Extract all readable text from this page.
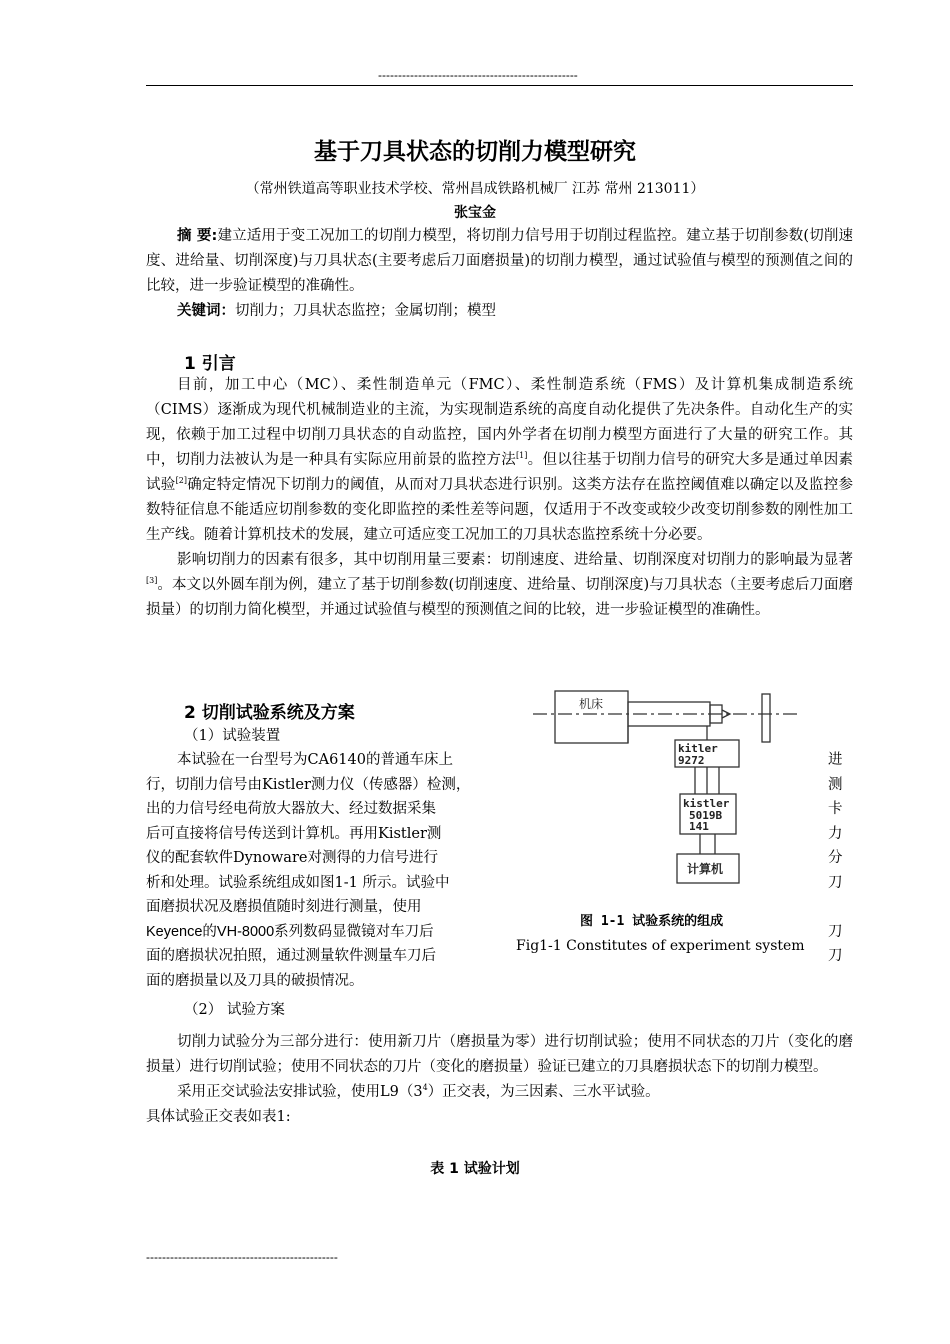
--------------------------------------------------
基于刀具状态的切削力模型研究
（常州铁道高等职业技术学校、常州昌成铁路机械厂 江苏 常州 213011）
张宝金

摘 要:建立适用于变工况加工的切削力模型，将切削力信号用于切削过程监控。建立基于切削参数(切削速度、进给量、切削深度)与刀具状态(主要考虑后刀面磨损量)的切削力模型，通过试验值与模型的预测值之间的比较，进一步验证模型的准确性。

关键词：切削力；刀具状态监控；金属切削；模型

1 引言

目前，加工中心（MC）、柔性制造单元（FMC）、柔性制造系统（FMS）及计算机集成制造系统（CIMS）逐渐成为现代机械制造业的主流，为实现制造系统的高度自动化提供了先决条件。自动化生产的实现，依赖于加工过程中切削刀具状态的自动监控，国内外学者在切削力模型方面进行了大量的研究工作。其中，切削力法被认为是一种具有实际应用前景的监控方法[1]。但以往基于切削力信号的研究大多是通过单因素试验[2]确定特定情况下切削力的阈值，从而对刀具状态进行识别。这类方法存在监控阈值难以确定以及监控参数特征信息不能适应切削参数的变化即监控的柔性差等问题，仅适用于不改变或较少改变切削参数的刚性加工生产线。随着计算机技术的发展，建立可适应变工况加工的刀具状态监控系统十分必要。

影响切削力的因素有很多，其中切削用量三要素：切削速度、进给量、切削深度对切削力的影响最为显著[3]。本文以外圆车削为例，建立了基于切削参数(切削速度、进给量、切削深度)与刀具状态（主要考虑后刀面磨损量）的切削力简化模型，并通过试验值与模型的预测值之间的比较，进一步验证模型的准确性。

2 切削试验系统及方案
（1）试验装置

本试验在一台型号为CA6140的普通车床上

行，切削力信号由Kistler测力仪（传感器）检测，

出的力信号经电荷放大器放大、经过数据采集

后可直接将信号传送到计算机。再用Kistler测

仪的配套软件Dynoware对测得的力信号进行

析和处理。试验系统组成如图1-1 所示。试验中

面磨损状况及磨损值随时刻进行测量，使用

Keyence的VH-8000系列数码显微镜对车刀后

面的磨损状况拍照，通过测量软件测量车刀后

面的磨损量以及刀具的破损情况。

进
测
卡
力
分
刀
刀
刀
机床
kitler
9272
kistler
5019B
141
计算机
图 1-1 试验系统的组成
Fig1-1 Constitutes of experiment system
（2） 试验方案

切削力试验分为三部分进行：使用新刀片（磨损量为零）进行切削试验；使用不同状态的刀片（变化的磨损量）进行切削试验；使用不同状态的刀片（变化的磨损量）验证已建立的刀具磨损状态下的切削力模型。

采用正交试验法安排试验，使用$L9(3^4)$正交表，为三因素、三水平试验。

具体试验正交表如表1:

表 1 试验计划
------------------------------------------------
